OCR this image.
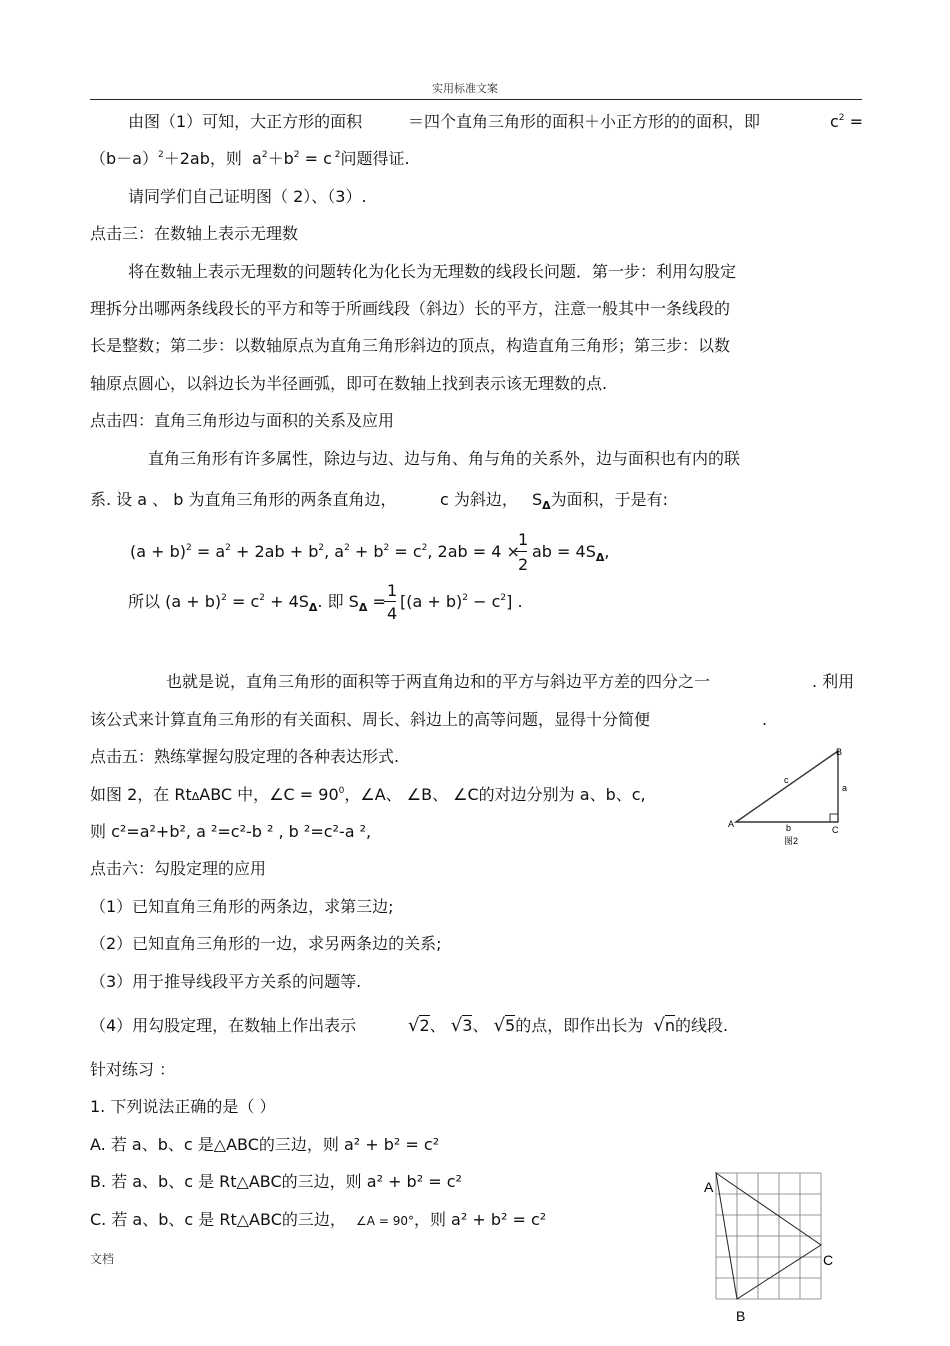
实用标准文案
由图（1）可知，大正方形的面积	＝四个直角三角形的面积＋小正方形的的面积，即	$c^2$ =
$(b-a)^2+2ab$，则 $a^2+b^2 = c$ $^2$问题得证.
请同学们自己证明图（ 2）、（3）.
点击三：在数轴上表示无理数
将在数轴上表示无理数的问题转化为化长为无理数的线段长问题．第一步：利用勾股定
理拆分出哪两条线段长的平方和等于所画线段（斜边）长的平方，注意一般其中一条线段的
长是整数；第二步：以数轴原点为直角三角形斜边的顶点，构造直角三角形；第三步：以数
轴原点圆心，以斜边长为半径画弧，即可在数轴上找到表示该无理数的点.
点击四：直角三角形边与面积的关系及应用
直角三角形有许多属性，除边与边、边与角、角与角的关系外，边与面积也有内的联
系. 设 a 、 b 为直角三角形的两条直角边，	c 为斜边， $S_\Delta$为面积，于是有:
$(a + b)^2 = a^2 + 2ab + b^2$, $a^2 + b^2 = c^2$, 2ab = 4 ×
1
2
ab = $4S_\Delta$,
所以 $(a + b)^2 = c^2 + 4S_\Delta$. 即 $S_\Delta$ =
1
4
$[(a + b)^2 - c^2]$ .
也就是说，直角三角形的面积等于两直角边和的平方与斜边平方差的四分之一	. 利用
该公式来计算直角三角形的有关面积、周长、斜边上的高等问题，显得十分简便	.
点击五：熟练掌握勾股定理的各种表达形式.
如图 2，在 RtΔABC 中，∠C = $90^0$，∠A、 ∠B、 ∠C的对边分别为 a、b、c,
则 c²=a²+b², a ²=c²-b ² , b ²=c²-a ²,
B
A
C
a
b
c
图2
点击六：勾股定理的应用
（1）已知直角三角形的两条边，求第三边;
（2）已知直角三角形的一边，求另两条边的关系;
（3）用于推导线段平方关系的问题等.
（4）用勾股定理，在数轴上作出表示	√2、 √3、 √5的点，即作出长为 √n的线段.
针对练习 ：
1. 下列说法正确的是（ ）
A. 若 a、b、c 是△ABC的三边，则 a² + b² = c²
B. 若 a、b、c 是 Rt△ABC的三边，则 a² + b² = c²
C. 若 a、b、c 是 Rt△ABC的三边， ∠A = 90°，则 a² + b² = c²
A
C
B
文档
